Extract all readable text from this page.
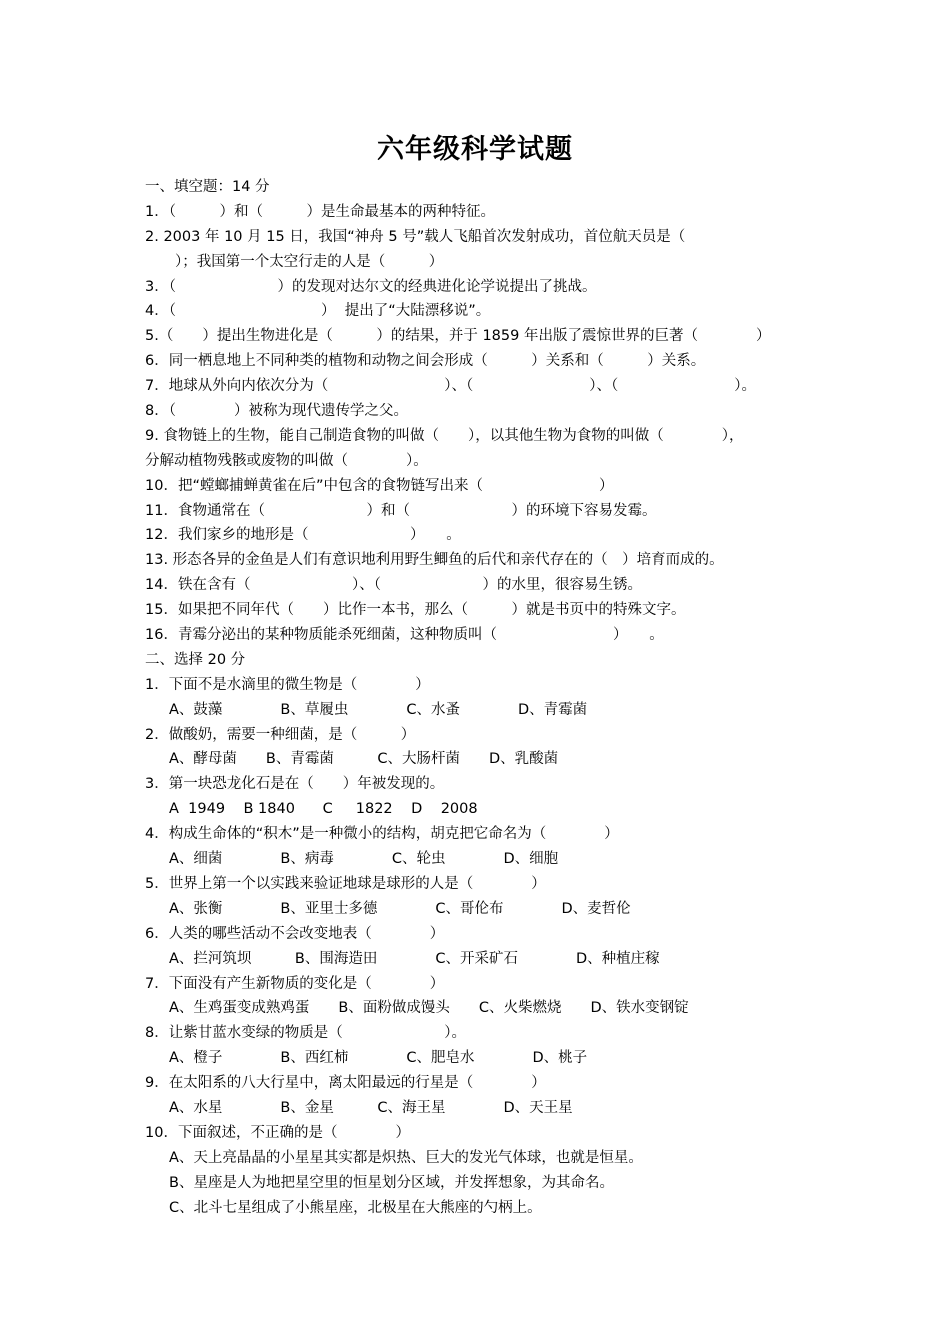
六年级科学试题
一、填空题：14 分
1．（　　　）和（　　　）是生命最基本的两种特征。
2. 2003 年 10 月 15 日，我国“神舟 5 号”载人飞船首次发射成功，首位航天员是（
）；我国第一个太空行走的人是（　　　）
3．（　　　　　　　）的发现对达尔文的经典进化论学说提出了挑战。
4．（　　　　　　　　　　）  提出了“大陆漂移说”。
5.（　　）提出生物进化是（　　　）的结果，并于 1859 年出版了震惊世界的巨著（　　　　）
6．同一栖息地上不同种类的植物和动物之间会形成（　　　）关系和（　　　）关系。
7．地球从外向内依次分为（　　　　　　　　）、（　　　　　　　　）、（　　　　　　　　）。
8．（　　　　）被称为现代遗传学之父。
9. 食物链上的生物，能自己制造食物的叫做（　　），以其他生物为食物的叫做（　　　　），
分解动植物残骸或废物的叫做（　　　　）。
10．把“螳螂捕蝉黄雀在后”中包含的食物链写出来（　　　　　　　　）
11．食物通常在（　　　　　　　）和（　　　　　　　）的环境下容易发霉。
12．我们家乡的地形是（　　　　　　　）　　。
13. 形态各异的金鱼是人们有意识地利用野生鲫鱼的后代和亲代存在的（　）培育而成的。
14．铁在含有（　　　　　　　）、（　　　　　　　）的水里，很容易生锈。
15．如果把不同年代（　　）比作一本书，那么（　　　）就是书页中的特殊文字。
16．青霉分泌出的某种物质能杀死细菌，这种物质叫（　　　　　　　　）　　。
二、选择 20 分
1．下面不是水滴里的微生物是（　　　　）
A、鼓藻　　　　B、草履虫　　　　C、水蚤　　　　D、青霉菌
2．做酸奶，需要一种细菌，是（　　　）
A、酵母菌　　B、青霉菌　　　C、大肠杆菌　　D、乳酸菌
3．第一块恐龙化石是在（　　）年被发现的。
A  1949    B 1840      C     1822    D    2008
4．构成生命体的“积木”是一种微小的结构，胡克把它命名为（　　　　）
A、细菌　　　　B、病毒　　　　C、轮虫　　　　D、细胞
5．世界上第一个以实践来验证地球是球形的人是（　　　　）
A、张衡　　　　B、亚里士多德　　　　C、哥伦布　　　　D、麦哲伦
6．人类的哪些活动不会改变地表（　　　　）
A、拦河筑坝　　　B、围海造田　　　　C、开采矿石　　　　D、种植庄稼
7．下面没有产生新物质的变化是（　　　　）
A、生鸡蛋变成熟鸡蛋　　B、面粉做成馒头　　C、火柴燃烧　　D、铁水变钢锭
8．让紫甘蓝水变绿的物质是（　　　　　　　）。
A、橙子　　　　B、西红柿　　　　C、肥皂水　　　　D、桃子
9．在太阳系的八大行星中，离太阳最远的行星是（　　　　）
A、水星　　　　B、金星　　　C、海王星　　　　D、天王星
10．下面叙述，不正确的是（　　　　）
A、天上亮晶晶的小星星其实都是炽热、巨大的发光气体球，也就是恒星。
B、星座是人为地把星空里的恒星划分区域，并发挥想象，为其命名。
C、北斗七星组成了小熊星座，北极星在大熊座的勺柄上。
